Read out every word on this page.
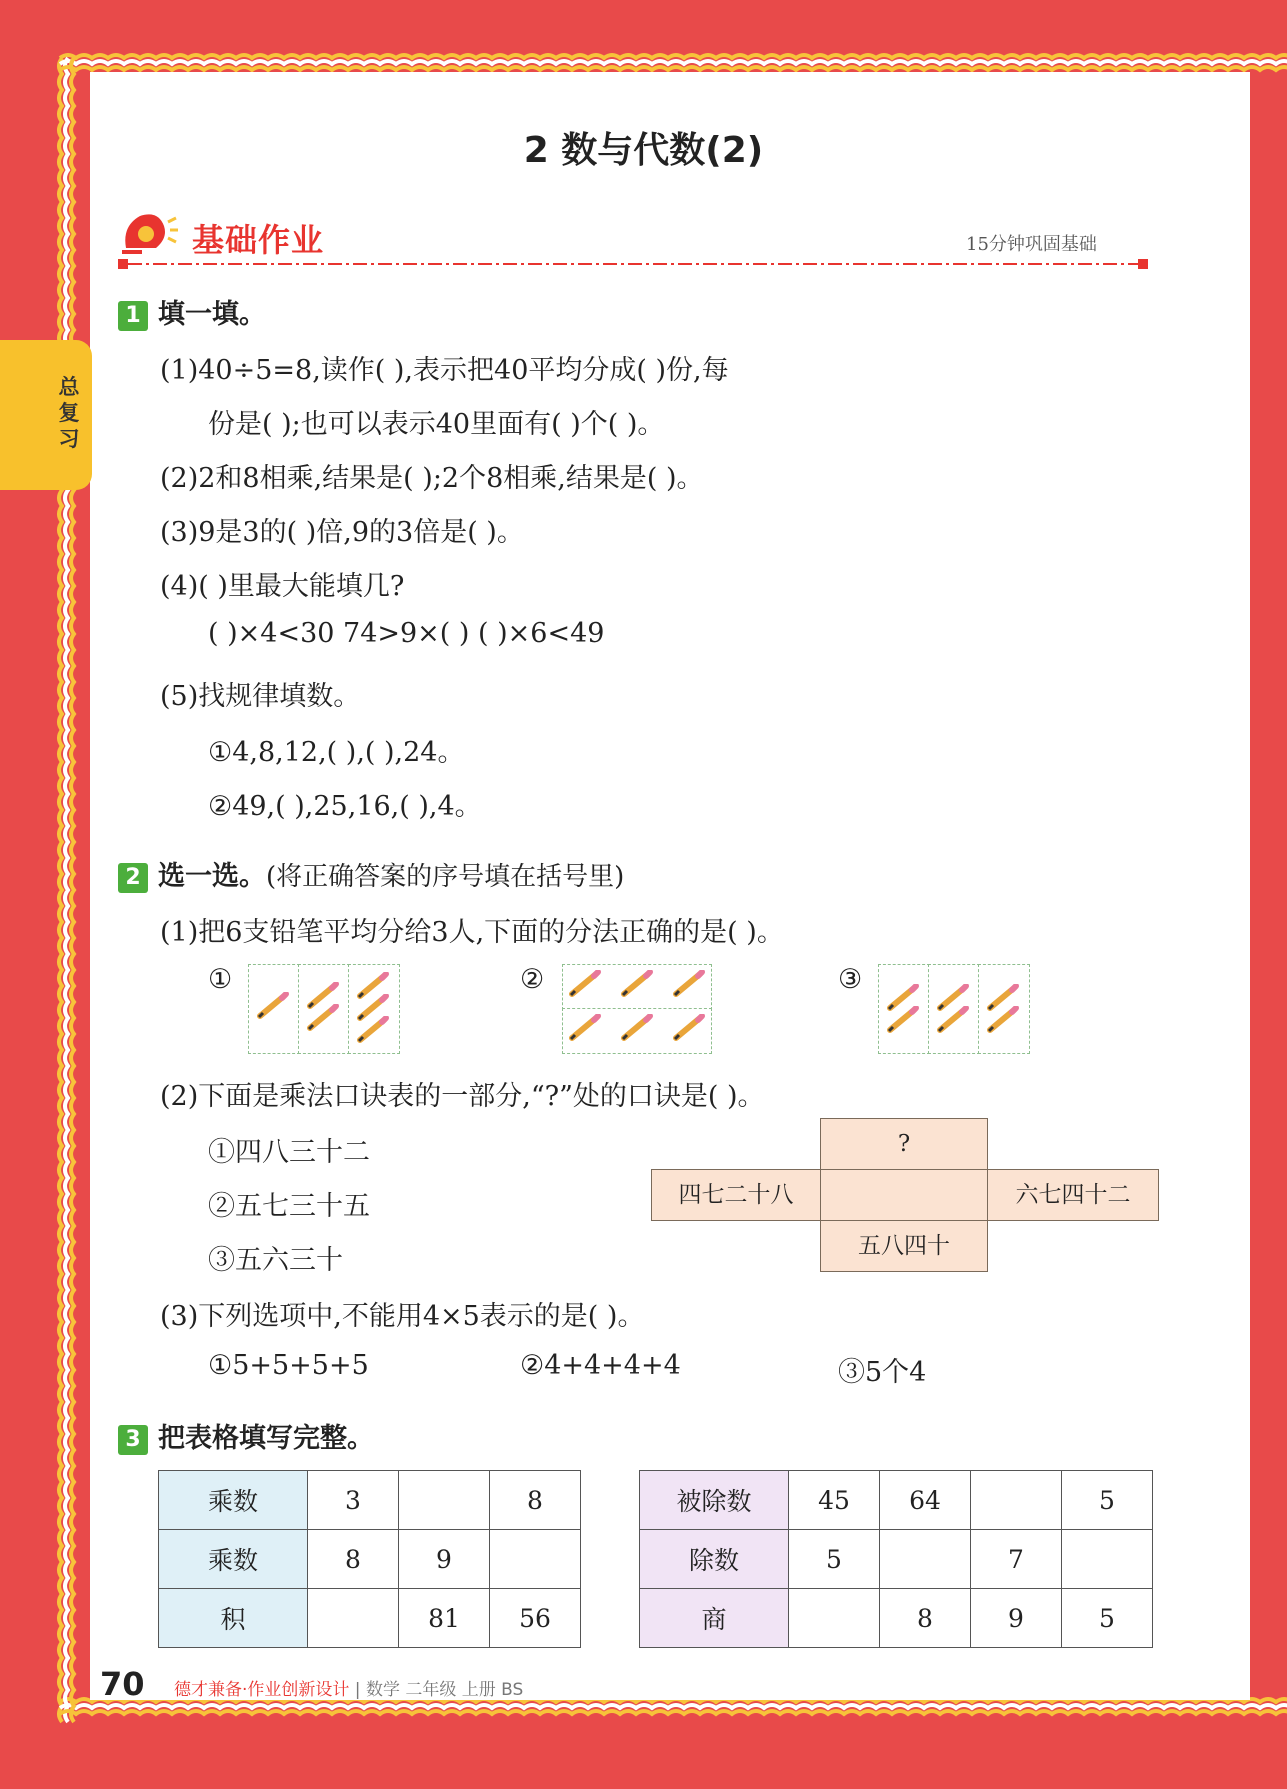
总复习
2 数与代数(2)
基础作业	15分钟巩固基础
1 填一填。
(1)40÷5=8,读作( ),表示把40平均分成( )份,每
份是( );也可以表示40里面有( )个( )。
(2)2和8相乘,结果是( );2个8相乘,结果是( )。
(3)9是3的( )倍,9的3倍是( )。
(4)( )里最大能填几?
( )×4<30 74>9×( ) ( )×6<49
(5)找规律填数。
①4,8,12,( ),( ),24。
②49,( ),25,16,( ),4。
2 选一选。(将正确答案的序号填在括号里)
(1)把6支铅笔平均分给3人,下面的分法正确的是( )。
①	②	③
(2)下面是乘法口诀表的一部分,“?”处的口诀是( )。
①四八三十二
②五七三十五
③五六三十
?
四七二十八	六七四十二
五八四十
(3)下列选项中,不能用4×5表示的是( )。
①5+5+5+5	②4+4+4+4	③5个4
3 把表格填写完整。
乘数	3		8
乘数	8	9	
积		81	56
被除数	45	64		5
除数	5		7	
商		8	9	5
70 德才兼备·作业创新设计 | 数学 二年级 上册 BS
